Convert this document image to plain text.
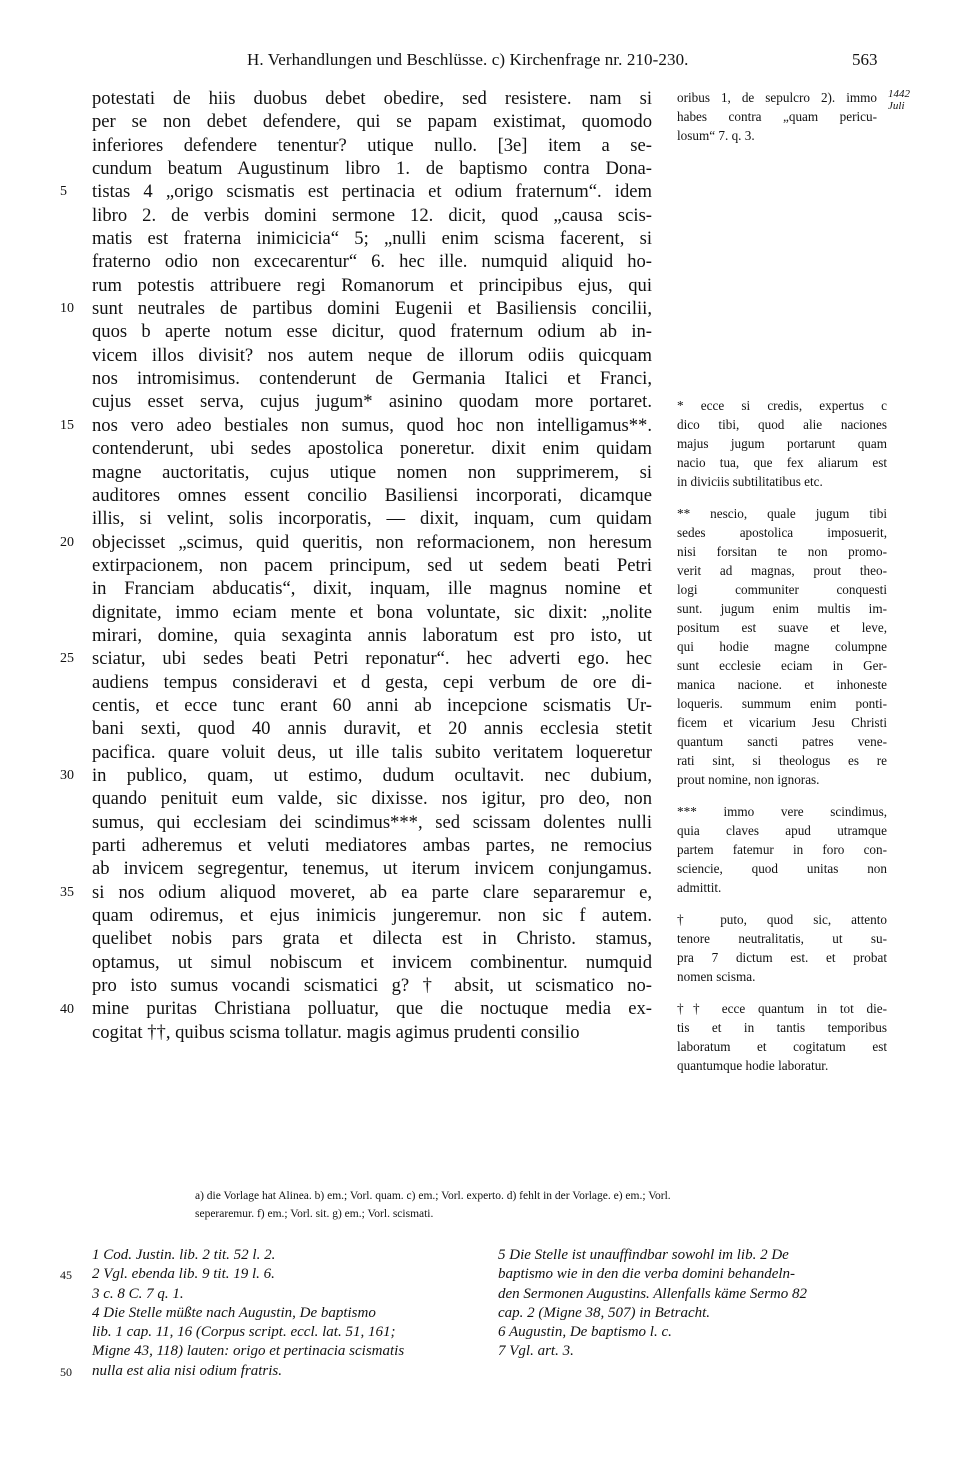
H. Verhandlungen und Beschlüsse. c) Kirchenfrage nr. 210-230.	563
potestati de hiis duobus debet obedire, sed resistere. nam si
per se non debet defendere, qui se papam existimat, quomodo
inferiores defendere tenentur? utique nullo. [3e] item a se-
cundum beatum Augustinum libro 1. de baptismo contra Dona-
tistas 4 „origo scismatis est pertinacia et odium fraternum“. idem
libro 2. de verbis domini sermone 12. dicit, quod „causa scis-
matis est fraterna inimicicia“ 5; „nulli enim scisma facerent, si
fraterno odio non excecarentur“ 6. hec ille. numquid aliquid ho-
rum potestis attribuere regi Romanorum et principibus ejus, qui
sunt neutrales de partibus domini Eugenii et Basiliensis concilii,
quos b aperte notum esse dicitur, quod fraternum odium ab in-
vicem illos divisit? nos autem neque de illorum odiis quicquam
nos intromisimus. contenderunt de Germania Italici et Franci,
cujus esset serva, cujus jugum* asinino quodam more portaret.
nos vero adeo bestiales non sumus, quod hoc non intelligamus**.
contenderunt, ubi sedes apostolica poneretur. dixit enim quidam
magne auctoritatis, cujus utique nomen non supprimerem, si
auditores omnes essent concilio Basiliensi incorporati, dicamque
illis, si velint, solis incorporatis, — dixit, inquam, cum quidam
objecisset „scimus, quid queritis, non reformacionem, non heresum
extirpacionem, non pacem principum, sed ut sedem beati Petri
in Franciam abducatis“, dixit, inquam, ille magnus nomine et
dignitate, immo eciam mente et bona voluntate, sic dixit: „nolite
mirari, domine, quia sexaginta annis laboratum est pro isto, ut
sciatur, ubi sedes beati Petri reponatur“. hec adverti ego. hec
audiens tempus consideravi et d gesta, cepi verbum de ore di-
centis, et ecce tunc erant 60 anni ab incepcione scismatis Ur-
bani sexti, quod 40 annis duravit, et 20 annis ecclesia stetit
pacifica. quare voluit deus, ut ille talis subito veritatem loqueretur
in publico, quam, ut estimo, dudum ocultavit. nec dubium,
quando penituit eum valde, sic dixisse. nos igitur, pro deo, non
sumus, qui ecclesiam dei scindimus***, sed scissam dolentes nulli
parti adheremus et veluti mediatores ambas partes, ne remocius
ab invicem segregentur, tenemus, ut iterum invicem conjungamus.
si nos odium aliquod moveret, ab ea parte clare separaremur e,
quam odiremus, et ejus inimicis jungeremur. non sic f autem.
quelibet nobis pars grata et dilecta est in Christo. stamus,
optamus, ut simul nobiscum et invicem combinentur. numquid
pro isto sumus vocandi scismatici g? † absit, ut scismatico no-
mine puritas Christiana polluatur, que die noctuque media ex-
cogitat ††, quibus scisma tollatur. magis agimus prudenti consilio
5
10
15
20
25
30
35
40
oribus 1, de sepulcro 2). immo
habes contra „quam pericu-
losum“ 7. q. 3.
1442
Juli
* ecce si credis, expertus c
dico tibi, quod alie naciones
majus jugum portarunt quam
nacio tua, que fex aliarum est
in diviciis subtilitatibus etc.
** nescio, quale jugum tibi
sedes apostolica imposuerit,
nisi forsitan te non promo-
verit ad magnas, prout theo-
logi communiter conquesti
sunt. jugum enim multis im-
positum est suave et leve,
qui hodie magne columpne
sunt ecclesie eciam in Ger-
manica nacione. et inhoneste
loqueris. summum enim ponti-
ficem et vicarium Jesu Christi
quantum sancti patres vene-
rati sint, si theologus es re
prout nomine, non ignoras.
*** immo vere scindimus,
quia claves apud utramque
partem fatemur in foro con-
sciencie, quod unitas non
admittit.
† puto, quod sic, attento
tenore neutralitatis, ut su-
pra 7 dictum est. et probat
nomen scisma.
†† ecce quantum in tot die-
tis et in tantis temporibus
laboratum et cogitatum est
quantumque hodie laboratur.
a) die Vorlage hat Alinea. b) em.; Vorl. quam. c) em.; Vorl. experto. d) fehlt in der Vorlage. e) em.; Vorl.
seperaremur. f) em.; Vorl. sit. g) em.; Vorl. scismati.
1 Cod. Justin. lib. 2 tit. 52 l. 2.
2 Vgl. ebenda lib. 9 tit. 19 l. 6.
3 c. 8 C. 7 q. 1.
4 Die Stelle müßte nach Augustin, De baptismo
lib. 1 cap. 11, 16 (Corpus script. eccl. lat. 51, 161;
Migne 43, 118) lauten: origo et pertinacia scismatis
nulla est alia nisi odium fratris.
5 Die Stelle ist unauffindbar sowohl im lib. 2 De
baptismo wie in den die verba domini behandeln-
den Sermonen Augustins. Allenfalls käme Sermo 82
cap. 2 (Migne 38, 507) in Betracht.
6 Augustin, De baptismo l. c.
7 Vgl. art. 3.
45
50
